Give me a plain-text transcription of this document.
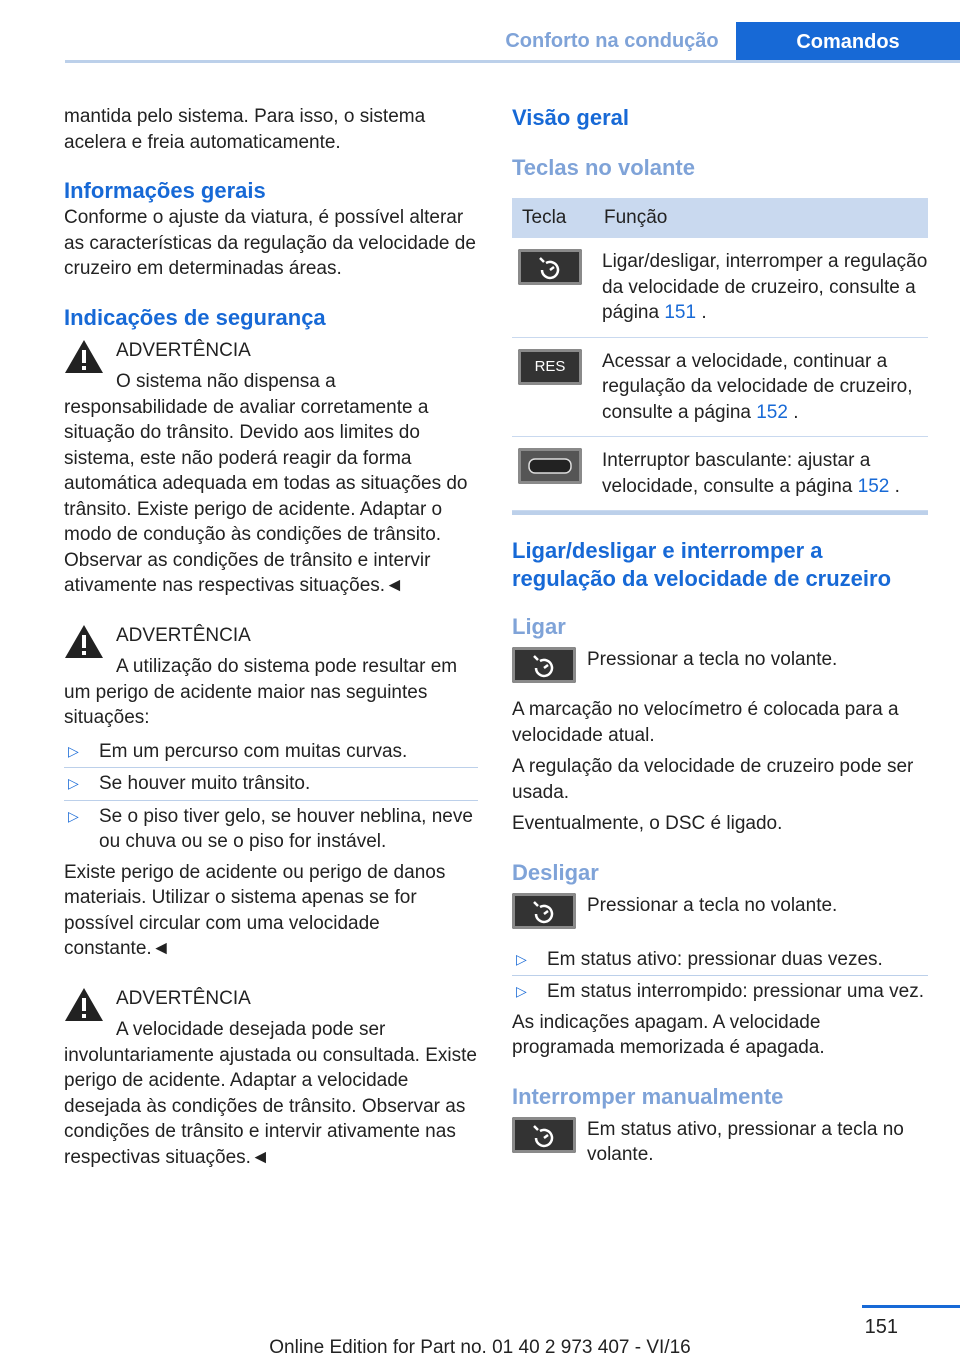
Conforto na condução	Comandos

mantida pelo sistema. Para isso, o sistema acelera e freia automaticamente.

Informações gerais

Conforme o ajuste da viatura, é possível alterar as características da regulação da velocidade de cruzeiro em determinadas áreas.

Indicações de segurança

ADVERTÊNCIA

O sistema não dispensa a responsabilidade de avaliar corretamente a situação do trânsito. Devido aos limites do sistema, este não poderá reagir da forma automática adequada em todas as situações do trânsito. Existe perigo de acidente. Adaptar o modo de condução às condições de trânsito. Observar as condições de trânsito e intervir ativamente nas respectivas situações.◄

ADVERTÊNCIA

A utilização do sistema pode resultar em um perigo de acidente maior nas seguintes situações:

▷ Em um percurso com muitas curvas.
▷ Se houver muito trânsito.
▷ Se o piso tiver gelo, se houver neblina, neve ou chuva ou se o piso for instável.

Existe perigo de acidente ou perigo de danos materiais. Utilizar o sistema apenas se for possível circular com uma velocidade constante.◄

ADVERTÊNCIA

A velocidade desejada pode ser involuntariamente ajustada ou consultada. Existe perigo de acidente. Adaptar a velocidade desejada às condições de trânsito. Observar as condições de trânsito e intervir ativamente nas respectivas situações.◄

Visão geral
Teclas no volante
Tecla	Função
	Ligar/desligar, interromper a regulação da velocidade de cruzeiro, consulte a página 151 .
RES	Acessar a velocidade, continuar a regulação da velocidade de cruzeiro, consulte a página 152 .
	Interruptor basculante: ajustar a velocidade, consulte a página 152 .
Ligar/desligar e interromper a regulação da velocidade de cruzeiro
Ligar

Pressionar a tecla no volante.

A marcação no velocímetro é colocada para a velocidade atual.

A regulação da velocidade de cruzeiro pode ser usada.

Eventualmente, o DSC é ligado.

Desligar

Pressionar a tecla no volante.

▷ Em status ativo: pressionar duas vezes.
▷ Em status interrompido: pressionar uma vez.

As indicações apagam. A velocidade programada memorizada é apagada.

Interromper manualmente

Em status ativo, pressionar a tecla no volante.

151
Online Edition for Part no. 01 40 2 973 407 - VI/16
